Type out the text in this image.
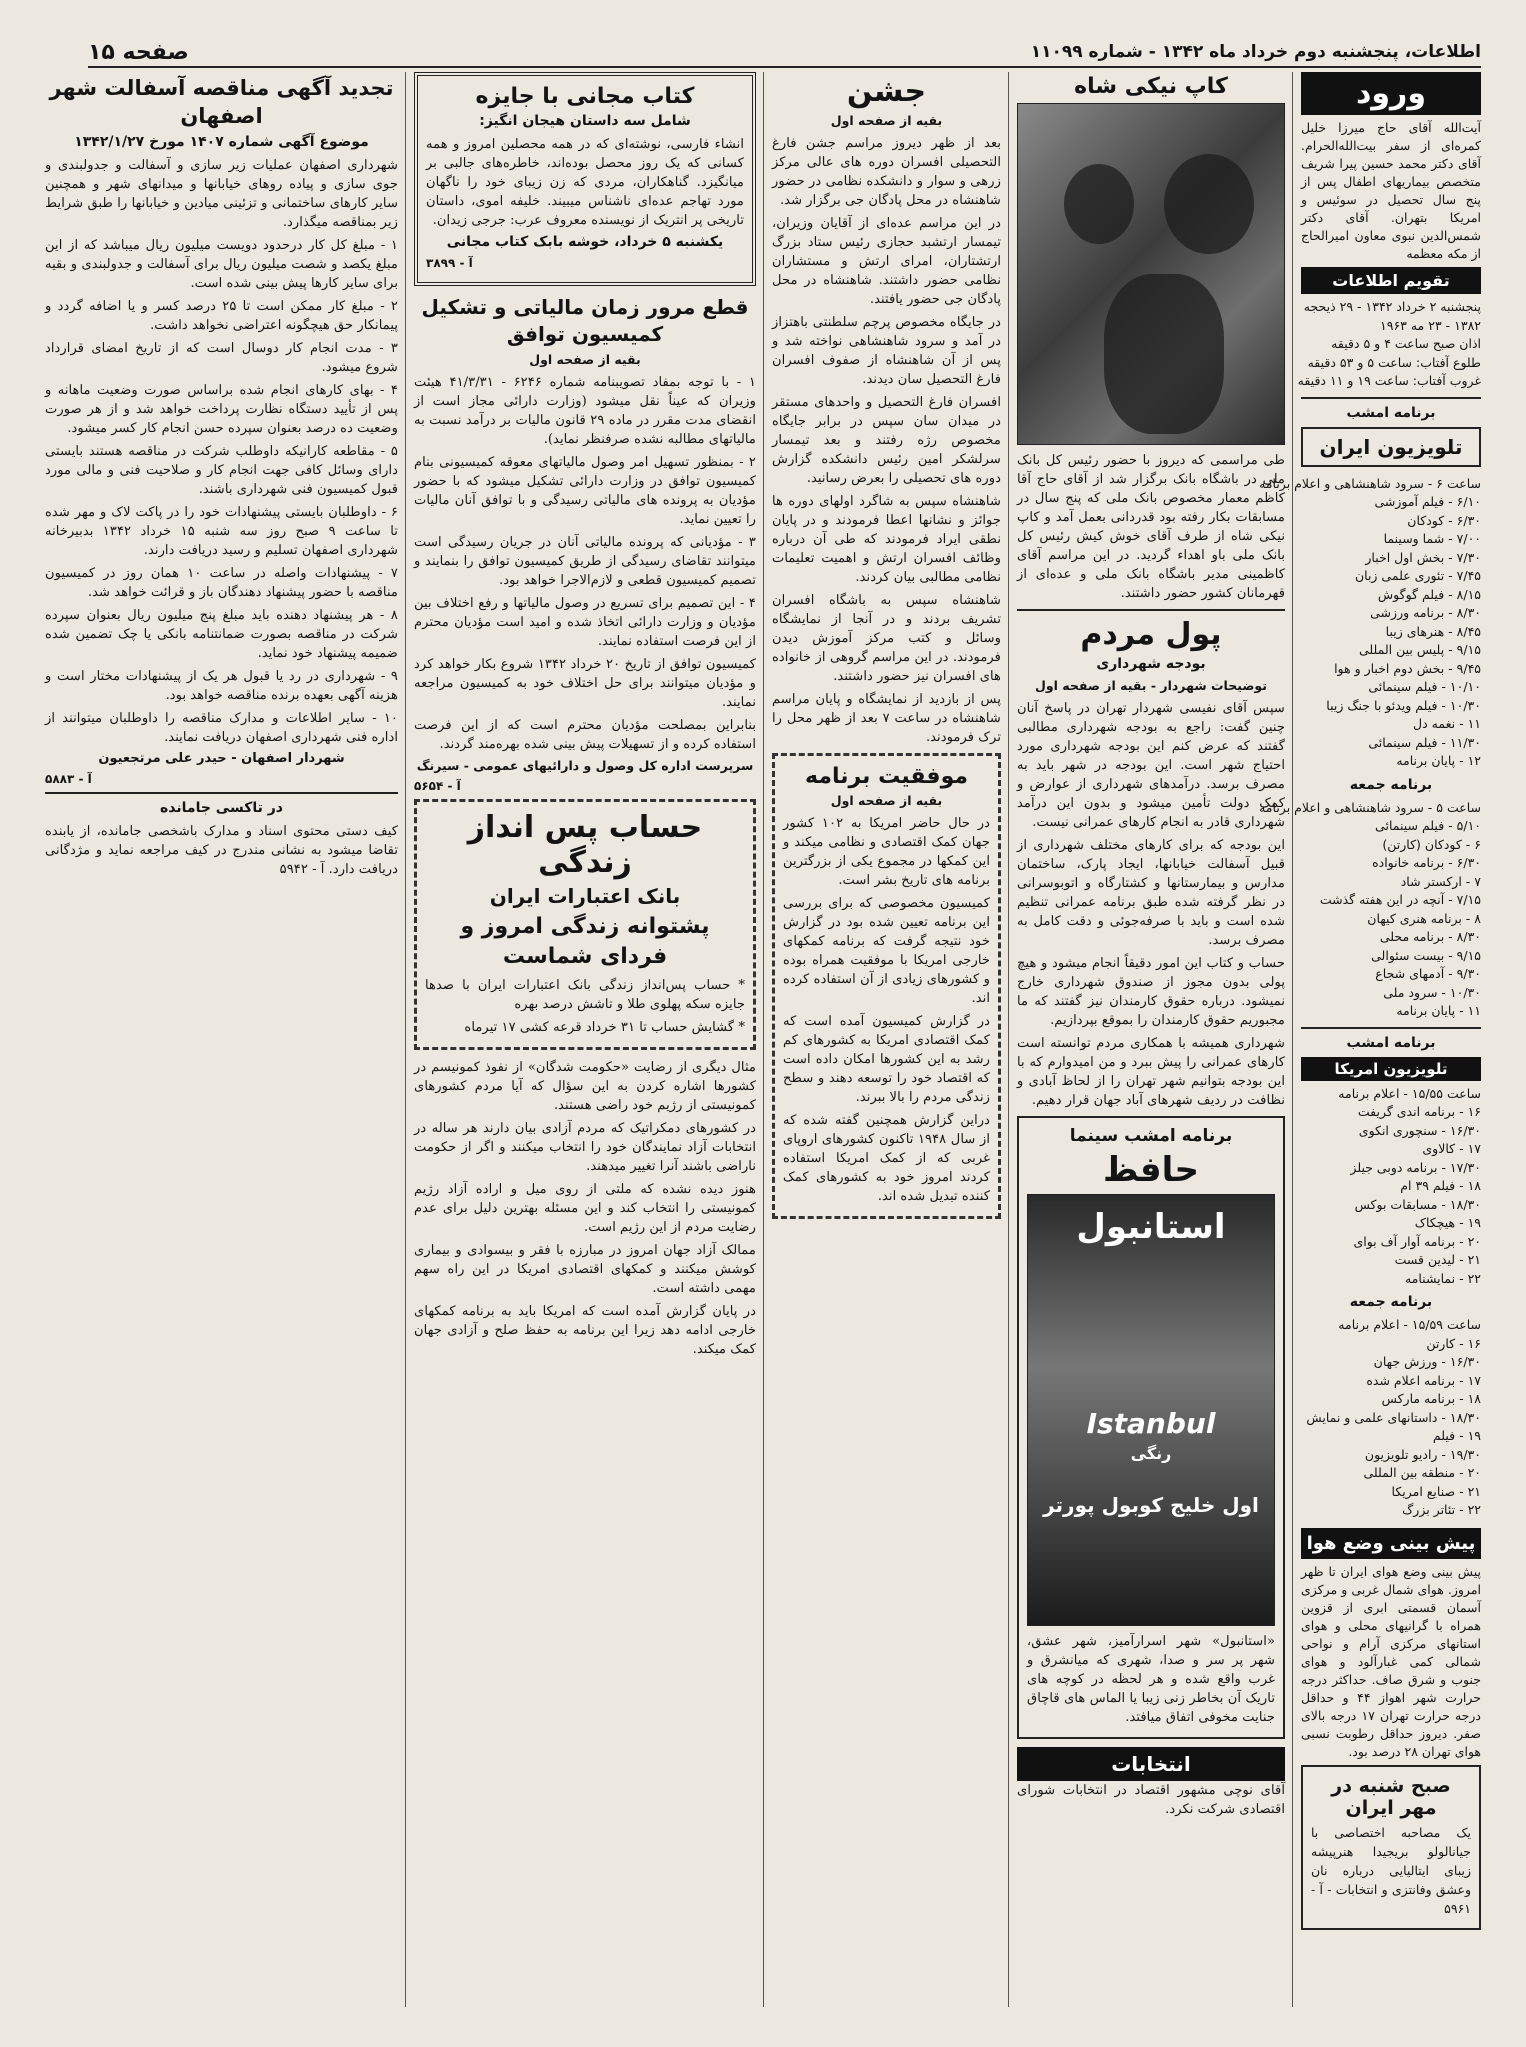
اطلاعات، پنجشنبه دوم خرداد ماه ۱۳۴۲ - شماره ۱۱۰۹۹
صفحه ۱۵
ورود

آیت‌الله آقای حاج میرزا خلیل کمره‌ای از سفر بیت‌الله‌الحرام. آقای دکتر محمد حسین پیرا شریف متخصص بیماریهای اطفال پس از پنج سال تحصیل در سوئیس و امریکا بتهران. آقای دکتر شمس‌الدین نبوی معاون امیرالحاج از مکه معظمه

تقویم اطلاعات
پنجشنبه ۲ خرداد ۱۳۴۲ - ۲۹ ذیحجه
۱۳۸۲ - ۲۳ مه ۱۹۶۳
اذان صبح ساعت ۴ و ۵ دقیقه
طلوع آفتاب: ساعت ۵ و ۵۳ دقیقه
غروب آفتاب: ساعت ۱۹ و ۱۱ دقیقه
برنامه امشب
تلویزیون ایران
ساعت ۶ - سرود شاهنشاهی و اعلام برنامه
۶/۱۰ - فیلم آموزشی
۶/۳۰ - کودکان
۷/۰۰ - شما وسینما
۷/۳۰ - بخش اول اخبار
۷/۴۵ - تئوری علمی زبان
۸/۱۵ - فیلم گوگوش
۸/۳۰ - برنامه ورزشی
۸/۴۵ - هنرهای زیبا
۹/۱۵ - پلیس بین المللی
۹/۴۵ - بخش دوم اخبار و هوا
۱۰/۱۰ - فیلم سینمائی
۱۰/۳۰ - فیلم ویدئو با جنگ زیبا
۱۱ - نغمه دل
۱۱/۳۰ - فیلم سینمائی
۱۲ - پایان برنامه
برنامه جمعه
ساعت ۵ - سرود شاهنشاهی و اعلام برنامه
۵/۱۰ - فیلم سینمائی
۶ - کودکان (کارتن)
۶/۳۰ - برنامه خانواده
۷ - ارکستر شاد
۷/۱۵ - آنچه در این هفته گذشت
۸ - برنامه هنری کیهان
۸/۳۰ - برنامه محلی
۹/۱۵ - بیست سئوالی
۹/۳۰ - آدمهای شجاع
۱۰/۳۰ - سرود ملی
۱۱ - پایان برنامه
برنامه امشب
تلویزیون امریکا
ساعت ۱۵/۵۵ - اعلام برنامه
۱۶ - برنامه اندی گریفت
۱۶/۳۰ - سنچوری انکوی
۱۷ - کالاوی
۱۷/۳۰ - برنامه دوبی جیلز
۱۸ - فیلم ۳۹ ام
۱۸/۳۰ - مسابقات بوکس
۱۹ - هیچکاک
۲۰ - برنامه آوار آف بوای
۲۱ - لیدین قست
۲۲ - نمایشنامه
برنامه جمعه
ساعت ۱۵/۵۹ - اعلام برنامه
۱۶ - کارتن
۱۶/۳۰ - ورزش جهان
۱۷ - برنامه اعلام شده
۱۸ - برنامه مارکس
۱۸/۳۰ - داستانهای علمی و نمایش
۱۹ - فیلم
۱۹/۳۰ - رادیو تلویزیون
۲۰ - منطقه بین المللی
۲۱ - صنایع امریکا
۲۲ - تئاتر بزرگ
پیش بینی وضع هوا

پیش بینی وضع هوای ایران تا ظهر امروز. هوای شمال غربی و مرکزی آسمان قسمتی ابری از قزوین همراه با گرانیهای محلی و هوای استانهای مرکزی آرام و نواحی شمالی کمی غبارآلود و هوای جنوب و شرق صاف. حداکثر درجه حرارت شهر اهواز ۴۴ و حداقل درجه حرارت تهران ۱۷ درجه بالای صفر. دیروز حداقل رطوبت نسبی هوای تهران ۲۸ درصد بود.

صبح شنبه در مهر ایران

یک مصاحبه اختصاصی با جیانالولو بریجیدا هنرپیشه زیبای ایتالیایی درباره نان وعشق وفانتزی و انتخابات - آ - ۵۹۶۱

کاپ نیکی شاه

طی مراسمی که دیروز با حضور رئیس کل بانک ملی در باشگاه بانک برگزار شد از آقای حاج آقا کاظم معمار مخصوص بانک ملی که پنج سال در مسابقات بکار رفته بود قدردانی بعمل آمد و کاپ نیکی شاه از طرف آقای خوش کیش رئیس کل بانک ملی باو اهداء گردید. در این مراسم آقای کاظمینی مدیر باشگاه بانک ملی و عده‌ای از قهرمانان کشور حضور داشتند.

پول مردم
بودجه شهرداری
توضیحات شهردار - بقیه از صفحه اول

سپس آقای نفیسی شهردار تهران در پاسخ آنان چنین گفت: راجع به بودجه شهرداری مطالبی گفتند که عرض کنم این بودجه شهرداری مورد احتیاج شهر است. این بودجه در شهر باید به مصرف برسد. درآمدهای شهرداری از عوارض و کمک دولت تأمین میشود و بدون این درآمد شهرداری قادر به انجام کارهای عمرانی نیست.

این بودجه که برای کارهای مختلف شهرداری از قبیل آسفالت خیابانها، ایجاد پارک، ساختمان مدارس و بیمارستانها و کشتارگاه و اتوبوسرانی در نظر گرفته شده طبق برنامه عمرانی تنظیم شده است و باید با صرفه‌جوئی و دقت کامل به مصرف برسد.

حساب و کتاب این امور دقیقاً انجام میشود و هیچ پولی بدون مجوز از صندوق شهرداری خارج نمیشود. درباره حقوق کارمندان نیز گفتند که ما مجبوریم حقوق کارمندان را بموقع بپردازیم.

شهرداری همیشه با همکاری مردم توانسته است کارهای عمرانی را پیش ببرد و من امیدوارم که با این بودجه بتوانیم شهر تهران را از لحاظ آبادی و نظافت در ردیف شهرهای آباد جهان قرار دهیم.

برنامه امشب سینما
حافظ
استانبول
Istanbul
رنگی
اول خلیج کوبول پورتر

«استانبول» شهر اسرار‌آمیز، شهر عشق، شهر پر سر و صدا، شهری که میانشرق و غرب واقع شده و هر لحظه در کوچه های تاریک آن بخاطر زنی زیبا یا الماس های قاچاق جنایت مخوفی اتفاق میافتد.

انتخابات

آقای نوچی مشهور اقتصاد در انتخابات شورای اقتصادی شرکت نکرد.

جشن
بقیه از صفحه اول

بعد از ظهر دیروز مراسم جشن فارغ التحصیلی افسران دوره های عالی مرکز زرهی و سوار و دانشکده نظامی در حضور شاهنشاه در محل پادگان جی برگزار شد.

در این مراسم عده‌ای از آقایان وزیران، تیمسار ارتشبد حجازی رئیس ستاد بزرگ ارتشتاران، امرای ارتش و مستشاران نظامی حضور داشتند. شاهنشاه در محل پادگان جی حضور یافتند.

در جایگاه مخصوص پرچم سلطنتی باهتزاز در آمد و سرود شاهنشاهی نواخته شد و پس از آن شاهنشاه از صفوف افسران فارغ التحصیل سان دیدند.

افسران فارغ التحصیل و واحدهای مستقر در میدان سان سپس در برابر جایگاه مخصوص رژه رفتند و بعد تیمسار سرلشکر امین رئیس دانشکده گزارش دوره های تحصیلی را بعرض رسانید.

شاهنشاه سپس به شاگرد اولهای دوره ها جوائز و نشانها اعطا فرمودند و در پایان نطقی ایراد فرمودند که طی آن درباره وظائف افسران ارتش و اهمیت تعلیمات نظامی مطالبی بیان کردند.

شاهنشاه سپس به باشگاه افسران تشریف بردند و در آنجا از نمایشگاه وسائل و کتب مرکز آموزش دیدن فرمودند. در این مراسم گروهی از خانواده های افسران نیز حضور داشتند.

پس از بازدید از نمایشگاه و پایان مراسم شاهنشاه در ساعت ۷ بعد از ظهر محل را ترک فرمودند.

موفقیت برنامه
بقیه از صفحه اول

در حال حاضر امریکا به ۱۰۲ کشور جهان کمک اقتصادی و نظامی میکند و این کمکها در مجموع یکی از بزرگترین برنامه های تاریخ بشر است.

کمیسیون مخصوصی که برای بررسی این برنامه تعیین شده بود در گزارش خود نتیجه گرفت که برنامه کمکهای خارجی امریکا با موفقیت همراه بوده و کشورهای زیادی از آن استفاده کرده اند.

در گزارش کمیسیون آمده است که کمک اقتصادی امریکا به کشورهای کم رشد به این کشورها امکان داده است که اقتصاد خود را توسعه دهند و سطح زندگی مردم را بالا ببرند.

دراین گزارش همچنین گفته شده که از سال ۱۹۴۸ تاکنون کشورهای اروپای غربی که از کمک امریکا استفاده کردند امروز خود به کشورهای کمک کننده تبدیل شده اند.

کتاب مجانی با جایزه
شامل سه داستان هیجان انگیز:

انشاء فارسی، نوشته‌ای که در همه محصلین امروز و همه کسانی که یک روز محصل بوده‌اند، خاطره‌های جالبی بر میانگیزد. گناهکاران، مردی که زن زیبای خود را ناگهان مورد تهاجم عده‌ای ناشناس میبیند. خلیفه اموی، داستان تاریخی پر انتریک از نویسنده معروف عرب: جرجی زیدان.

یکشنبه ۵ خرداد، خوشه بابک کتاب مجانی
آ - ۳۸۹۹
قطع مرور زمان مالیاتی و تشکیل کمیسیون توافق
بقیه از صفحه اول

۱ - با توجه بمفاد تصویبنامه شماره ۶۲۴۶ - ۴۱/۳/۳۱ هیئت وزیران که عیناً نقل میشود (وزارت دارائی مجاز است از انقضای مدت مقرر در ماده ۲۹ قانون مالیات بر درآمد نسبت به مالیاتهای مطالبه نشده صرفنظر نماید).

۲ - بمنظور تسهیل امر وصول مالیاتهای معوقه کمیسیونی بنام کمیسیون توافق در وزارت دارائی تشکیل میشود که با حضور مؤدیان به پرونده های مالیاتی رسیدگی و با توافق آنان مالیات را تعیین نماید.

۳ - مؤدیانی که پرونده مالیاتی آنان در جریان رسیدگی است میتوانند تقاضای رسیدگی از طریق کمیسیون توافق را بنمایند و تصمیم کمیسیون قطعی و لازم‌الاجرا خواهد بود.

۴ - این تصمیم برای تسریع در وصول مالیاتها و رفع اختلاف بین مؤدیان و وزارت دارائی اتخاذ شده و امید است مؤدیان محترم از این فرصت استفاده نمایند.

کمیسیون توافق از تاریخ ۲۰ خرداد ۱۳۴۲ شروع بکار خواهد کرد و مؤدیان میتوانند برای حل اختلاف خود به کمیسیون مراجعه نمایند.

بنابراین بمصلحت مؤدیان محترم است که از این فرصت استفاده کرده و از تسهیلات پیش بینی شده بهره‌مند گردند.

سرپرست اداره کل وصول و دارائیهای عمومی - سیرنگ
آ - ۵۶۵۴
حساب پس انداز زندگی
بانک اعتبارات ایران
پشتوانه زندگی امروز و فردای شماست

* حساب پس‌انداز زندگی بانک اعتبارات ایران با صدها جایزه سکه پهلوی طلا و تاشش درصد بهره

* گشایش حساب تا ۳۱ خرداد قرعه کشی ۱۷ تیرماه

مثال دیگری از رضایت «حکومت شدگان» از نفوذ کمونیسم در کشورها اشاره کردن به این سؤال که آیا مردم کشورهای کمونیستی از رژیم خود راضی هستند.

در کشورهای دمکراتیک که مردم آزادی بیان دارند هر ساله در انتخابات آزاد نمایندگان خود را انتخاب میکنند و اگر از حکومت ناراضی باشند آنرا تغییر میدهند.

هنوز دیده نشده که ملتی از روی میل و اراده آزاد رژیم کمونیستی را انتخاب کند و این مسئله بهترین دلیل برای عدم رضایت مردم از این رژیم است.

ممالک آزاد جهان امروز در مبارزه با فقر و بیسوادی و بیماری کوشش میکنند و کمکهای اقتصادی امریکا در این راه سهم مهمی داشته است.

در پایان گزارش آمده است که امریکا باید به برنامه کمکهای خارجی ادامه دهد زیرا این برنامه به حفظ صلح و آزادی جهان کمک میکند.

تجدید آگهی مناقصه آسفالت شهر اصفهان
موضوع آگهی شماره ۱۴۰۷ مورخ ۱۳۴۲/۱/۲۷

شهرداری اصفهان عملیات زیر سازی و آسفالت و جدولبندی و جوی سازی و پیاده روهای خیابانها و میدانهای شهر و همچنین سایر کارهای ساختمانی و تزئینی میادین و خیابانها را طبق شرایط زیر بمناقصه میگذارد.

۱ - مبلغ کل کار درحدود دویست میلیون ریال میباشد که از این مبلغ یکصد و شصت میلیون ریال برای آسفالت و جدولبندی و بقیه برای سایر کارها پیش بینی شده است.

۲ - مبلغ کار ممکن است تا ۲۵ درصد کسر و یا اضافه گردد و پیمانکار حق هیچگونه اعتراضی نخواهد داشت.

۳ - مدت انجام کار دوسال است که از تاریخ امضای قرارداد شروع میشود.

۴ - بهای کارهای انجام شده براساس صورت وضعیت ماهانه و پس از تأیید دستگاه نظارت پرداخت خواهد شد و از هر صورت وضعیت ده درصد بعنوان سپرده حسن انجام کار کسر میشود.

۵ - مقاطعه کارانیکه داوطلب شرکت در مناقصه هستند بایستی دارای وسائل کافی جهت انجام کار و صلاحیت فنی و مالی مورد قبول کمیسیون فنی شهرداری باشند.

۶ - داوطلبان بایستی پیشنهادات خود را در پاکت لاک و مهر شده تا ساعت ۹ صبح روز سه شنبه ۱۵ خرداد ۱۳۴۲ بدبیرخانه شهرداری اصفهان تسلیم و رسید دریافت دارند.

۷ - پیشنهادات واصله در ساعت ۱۰ همان روز در کمیسیون مناقصه با حضور پیشنهاد دهندگان باز و قرائت خواهد شد.

۸ - هر پیشنهاد دهنده باید مبلغ پنج میلیون ریال بعنوان سپرده شرکت در مناقصه بصورت ضمانتنامه بانکی یا چک تضمین شده ضمیمه پیشنهاد خود نماید.

۹ - شهرداری در رد یا قبول هر یک از پیشنهادات مختار است و هزینه آگهی بعهده برنده مناقصه خواهد بود.

۱۰ - سایر اطلاعات و مدارک مناقصه را داوطلبان میتوانند از اداره فنی شهرداری اصفهان دریافت نمایند.

شهردار اصفهان - حیدر علی مرتجعیون
آ - ۵۸۸۳
در تاکسی جامانده

کیف دستی محتوی اسناد و مدارک باشخصی جامانده، از یابنده تقاضا میشود به نشانی مندرج در کیف مراجعه نماید و مژدگانی دریافت دارد. آ - ۵۹۴۲
